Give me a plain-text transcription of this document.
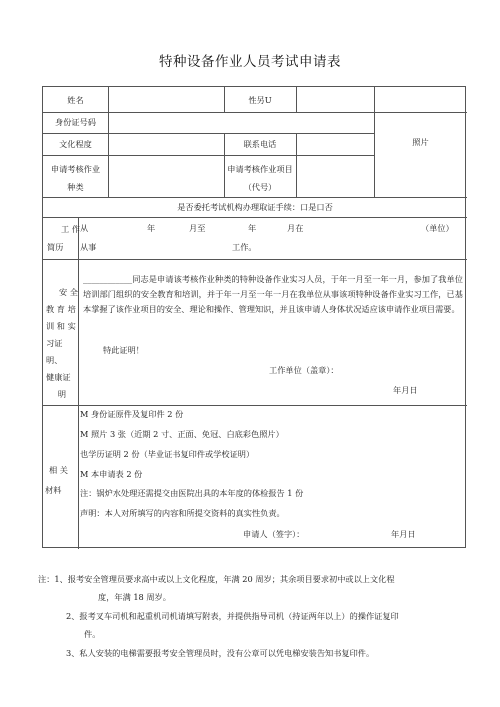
特种设备作业人员考试申请表
姓名	性另U
身份证号码
文化程度	联系电话	照片
申请考核作业
种类
申请考核作业项目
（代号）
是否委托考试机构办理取证手续：口是口否
工 作
简历
从	年	月至	年	月在	（单位）
从事	工作。
安 全
教 育 培
训 和 实
习证明、
健康证
明
____________同志是申请该考核作业种类的特种设备作业实习人员，于年一月至一年一月，参加了我单位培训部门组织的安全教育和培训，并于年一月至一年一月在我单位从事该项特种设备作业实习工作，已基本掌握了该作业项目的安全、理论和操作、管理知识，并且该申请人身体状况适应该申请作业项目需要。
特此证明！
工作单位（盖章）：
年月日
相 关
材料
M 身份证原件及复印件 2 份
M 照片 3 张（近期 2 寸、正面、免冠、白底彩色照片）
也学历证明 2 份（毕业证书复印件或学校证明）
M 本申请表 2 份
注：锅炉水处理还需提交由医院出具的本年度的体检报告 1 份
声明：本人对所填写的内容和所提交资料的真实性负责。
申请人（签字）：	年月日
注：1、报考安全管理员要求高中或以上文化程度，年满 20 周岁；其余项目要求初中或以上文化程
度，年满 18 周岁。
2、报考叉车司机和起重机司机请填写附表，并提供指导司机（持证两年以上）的操作证复印
件。
3、私人安装的电梯需要报考安全管理员时，没有公章可以凭电梯安装告知书复印件。
